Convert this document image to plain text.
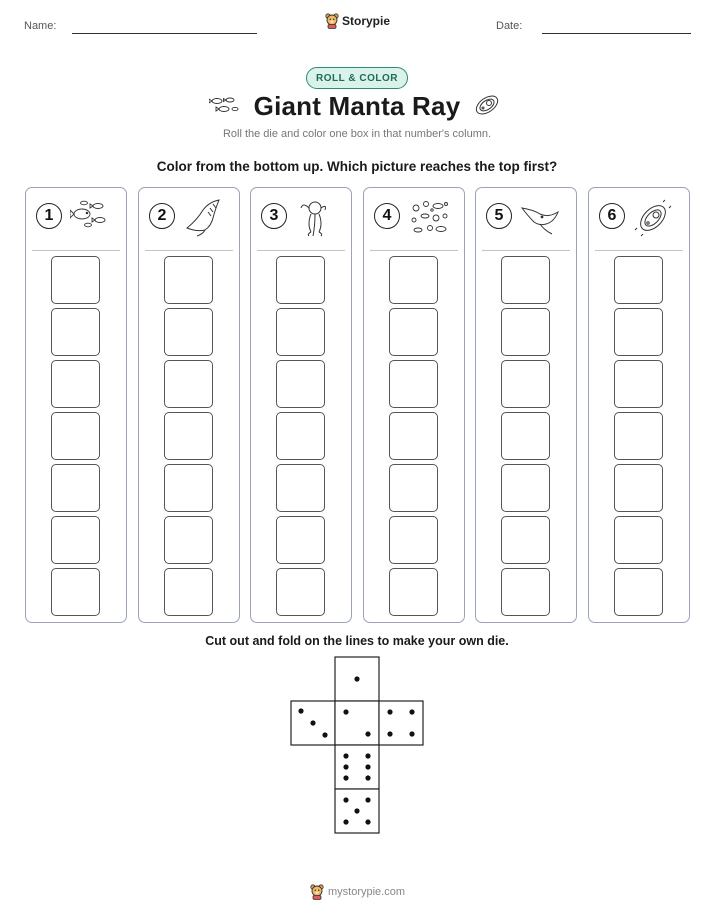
Name:	Storypie	Date:
ROLL & COLOR
Giant Manta Ray
Roll the die and color one box in that number's column.
Color from the bottom up. Which picture reaches the top first?
1	2	3	4	5	6
Cut out and fold on the lines to make your own die.
mystorypie.com
